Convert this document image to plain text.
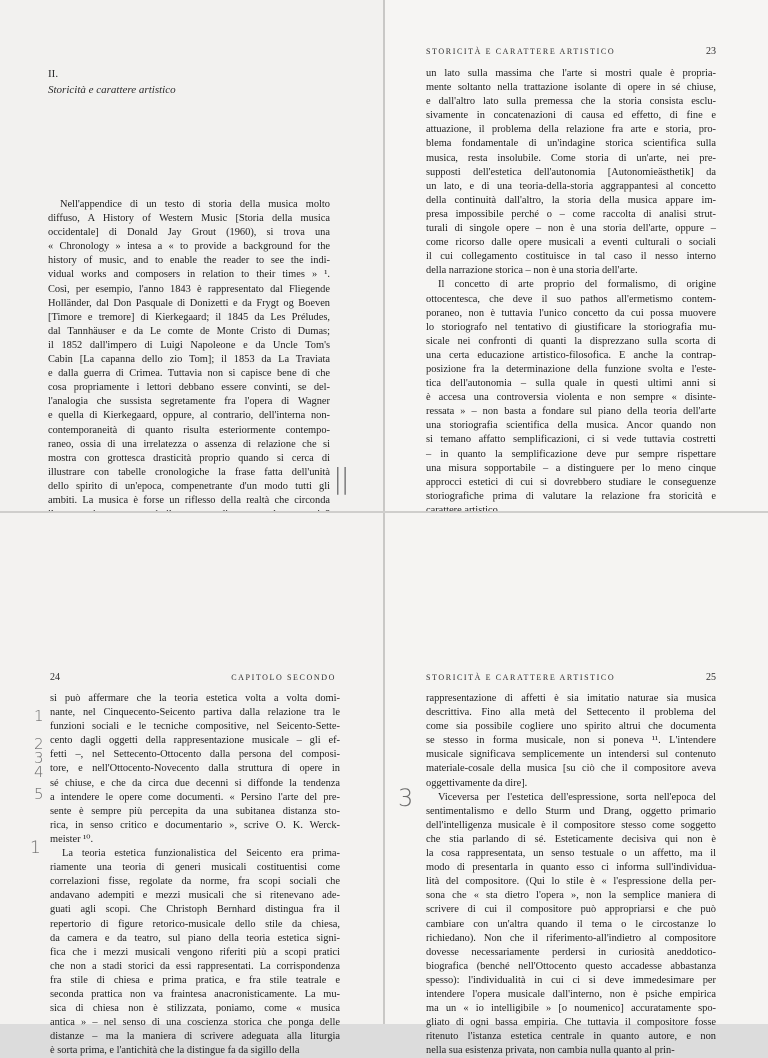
II.
Storicità e carattere artistico
Nell'appendice di un testo di storia della musica molto
diffuso, A History of Western Music [Storia della musica
occidentale] di Donald Jay Grout (1960), si trova una
« Chronology » intesa a « to provide a background for the
history of music, and to enable the reader to see the indi-
vidual works and composers in relation to their times » ¹.
Così, per esempio, l'anno 1843 è rappresentato dal Fliegende
Holländer, dal Don Pasquale di Donizetti e da Frygt og Boeven
[Timore e tremore] di Kierkegaard; il 1845 da Les Préludes,
dal Tannhäuser e da Le comte de Monte Cristo di Dumas;
il 1852 dall'impero di Luigi Napoleone e da Uncle Tom's
Cabin [La capanna dello zio Tom]; il 1853 da La Traviata
e dalla guerra di Crimea. Tuttavia non si capisce bene di che
cosa propriamente i lettori debbano essere convinti, se del-
l'analogia che sussista segretamente fra l'opera di Wagner
e quella di Kierkegaard, oppure, al contrario, dell'interna non-
contemporaneità di quanto risulta esteriormente contempo-
raneo, ossia di una irrelatezza o assenza di relazione che si
mostra con grottesca drasticità proprio quando si cerca di
illustrare con tabelle cronologiche la frase fatta dell'unità
dello spirito di un'epoca, compenetrante d'un modo tutti gli
ambiti. La musica è forse un riflesso della realtà che circonda
||
STORICITÀ E CARATTERE ARTISTICO	23
un lato sulla massima che l'arte si mostri quale è propria-
mente soltanto nella trattazione isolante di opere in sé chiuse,
e dall'altro lato sulla premessa che la storia consista esclu-
sivamente in concatenazioni di causa ed effetto, di fine e
attuazione, il problema della relazione fra arte e storia, pro-
blema fondamentale di un'indagine storica scientifica sulla
musica, resta insolubile. Come storia di un'arte, nei pre-
supposti dell'estetica dell'autonomia [Autonomieästhetik] da
un lato, e di una teoria-della-storia aggrappantesi al concetto
della continuità dall'altro, la storia della musica appare im-
presa impossibile perché o – come raccolta di analisi strut-
turali di singole opere – non è una storia dell'arte, oppure –
come ricorso dalle opere musicali a eventi culturali o sociali
il cui collegamento costituisce in tal caso il nesso interno
della narrazione storica – non è una storia dell'arte.
Il concetto di arte proprio del formalismo, di origine
ottocentesca, che deve il suo pathos all'ermetismo contem-
poraneo, non è tuttavia l'unico concetto da cui possa muovere
lo storiografo nel tentativo di giustificare la storiografia mu-
sicale nei confronti di quanti la disprezzano sulla scorta di
una certa educazione artistico-filosofica. E anche la contrap-
posizione fra la determinazione della funzione svolta e l'este-
tica dell'autonomia – sulla quale in questi ultimi anni si
è accesa una controversia violenta e non sempre « disinte-
ressata » – non basta a fondare sul piano della teoria dell'arte
una storiografia scientifica della musica. Ancor quando non
si temano affatto semplificazioni, ci si vede tuttavia costretti
– in quanto la semplificazione deve pur sempre rispettare
una misura sopportabile – a distinguere per lo meno cinque
approcci estetici di cui si dovrebbero studiare le conseguenze
storiografiche prima di valutare la relazione fra storicità e
24	CAPITOLO SECONDO
si può affermare che la teoria estetica volta a volta domi-
nante, nel Cinquecento-Seicento partiva dalla relazione tra le
funzioni sociali e le tecniche compositive, nel Seicento-Sette-
cento dagli oggetti della rappresentazione musicale – gli ef-
fetti –, nel Settecento-Ottocento dalla persona del composi-
tore, e nell'Ottocento-Novecento dalla struttura di opere in
sé chiuse, e che da circa due decenni si diffonde la tendenza
a intendere le opere come documenti. « Persino l'arte del pre-
sente è sempre più percepita da una subitanea distanza sto-
rica, in senso critico e documentario », scrive O. K. Werck-
meister ¹⁰.
La teoria estetica funzionalistica del Seicento era prima-
riamente una teoria di generi musicali costituentisi come
correlazioni fisse, regolate da norme, fra scopi sociali che
andavano adempiti e mezzi musicali che si ritenevano ade-
guati agli scopi. Che Christoph Bernhard distingua fra il
repertorio di figure retorico-musicale dello stile da chiesa,
da camera e da teatro, sul piano della teoria estetica signi-
fica che i mezzi musicali vengono riferiti più a scopi pratici
che non a stadi storici da essi rappresentati. La corrispondenza
fra stile di chiesa e prima pratica, e fra stile teatrale e
seconda prattica non va fraintesa anacronisticamente. La mu-
sica di chiesa non è stilizzata, poniamo, come « musica
antica » – nel senso di una coscienza storica che ponga delle
distanze – ma la maniera di scrivere adeguata alla liturgia
è sorta prima, e l'antichità che la distingue fa da sigillo della
STORICITÀ E CARATTERE ARTISTICO	25
rappresentazione di affetti è sia imitatio naturae sia musica
descrittiva. Fino alla metà del Settecento il problema del
come sia possibile cogliere uno spirito altrui che documenta
se stesso in forma musicale, non si poneva ¹¹. L'intendere
musicale significava semplicemente un intendersi sul contenuto
materiale-cosale della musica [su ciò che il compositore aveva
oggettivamente da dire].
Viceversa per l'estetica dell'espressione, sorta nell'epoca del
sentimentalismo e dello Sturm und Drang, oggetto primario
dell'intelligenza musicale è il compositore stesso come soggetto
che stia parlando di sé. Esteticamente decisiva qui non è
la cosa rappresentata, un senso testuale o un affetto, ma il
modo di presentarla in quanto esso ci informa sull'individua-
lità del compositore. (Qui lo stile è « l'espressione della per-
sona che « sta dietro l'opera », non la semplice maniera di
scrivere di cui il compositore può appropriarsi e che può
cambiare con un'altra quando il tema o le circostanze lo
richiedano). Non che il riferimento-all'indietro al compositore
dovesse necessariamente perdersi in curiosità aneddotico-
biografica (benché nell'Ottocento questo accadesse abbastanza
spesso): l'individualità in cui ci si deve immedesimare per
intendere l'opera musicale dall'interno, non è psiche empirica
ma un « io intelligibile » [o noumenico] accuratamente spo-
gliato di ogni bassa empiria. Che tuttavia il compositore fosse
ritenuto l'istanza estetica centrale in quanto autore, e non
nella sua esistenza privata, non cambia nulla quanto al prin-
1
2
3
4
5
1
3
